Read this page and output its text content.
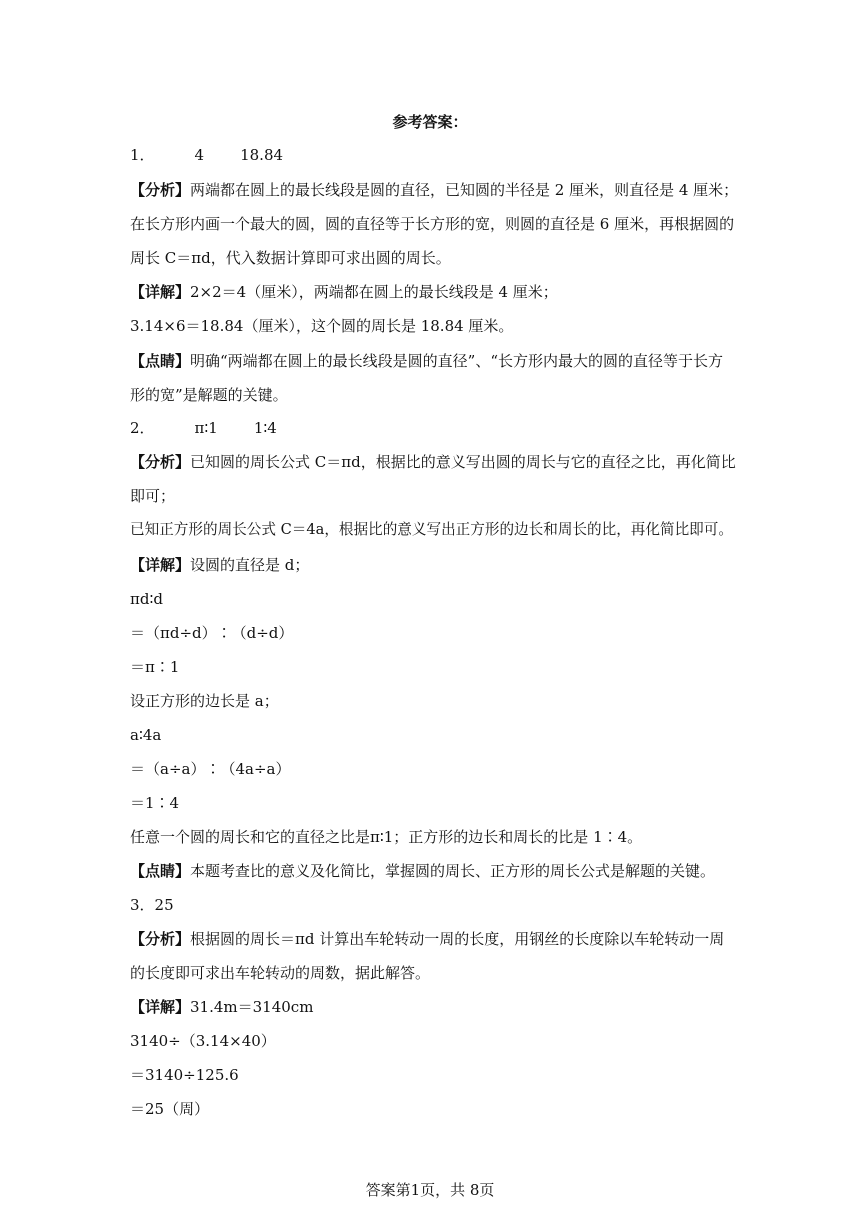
参考答案：
1．	4 18.84
【分析】两端都在圆上的最长线段是圆的直径，已知圆的半径是 2 厘米，则直径是 4 厘米；
在长方形内画一个最大的圆，圆的直径等于长方形的宽，则圆的直径是 6 厘米，再根据圆的
周长 C＝πd，代入数据计算即可求出圆的周长。
【详解】2×2＝4（厘米），两端都在圆上的最长线段是 4 厘米；
3.14×6＝18.84（厘米），这个圆的周长是 18.84 厘米。
【点睛】明确“两端都在圆上的最长线段是圆的直径”、“长方形内最大的圆的直径等于长方
形的宽”是解题的关键。
2．	π∶1 1∶4
【分析】已知圆的周长公式 C＝πd，根据比的意义写出圆的周长与它的直径之比，再化简比
即可；
已知正方形的周长公式 C＝4a，根据比的意义写出正方形的边长和周长的比，再化简比即可。
【详解】设圆的直径是 d；
πd∶d
＝（πd÷d）∶（d÷d）
＝π∶1
设正方形的边长是 a；
a∶4a
＝（a÷a）∶（4a÷a）
＝1∶4
任意一个圆的周长和它的直径之比是π∶1；正方形的边长和周长的比是 1∶4。
【点睛】本题考查比的意义及化简比，掌握圆的周长、正方形的周长公式是解题的关键。
3．25
【分析】根据圆的周长＝πd 计算出车轮转动一周的长度，用钢丝的长度除以车轮转动一周
的长度即可求出车轮转动的周数，据此解答。
【详解】31.4m＝3140cm
3140÷（3.14×40）
＝3140÷125.6
＝25（周）
答案第1页，共 8页
